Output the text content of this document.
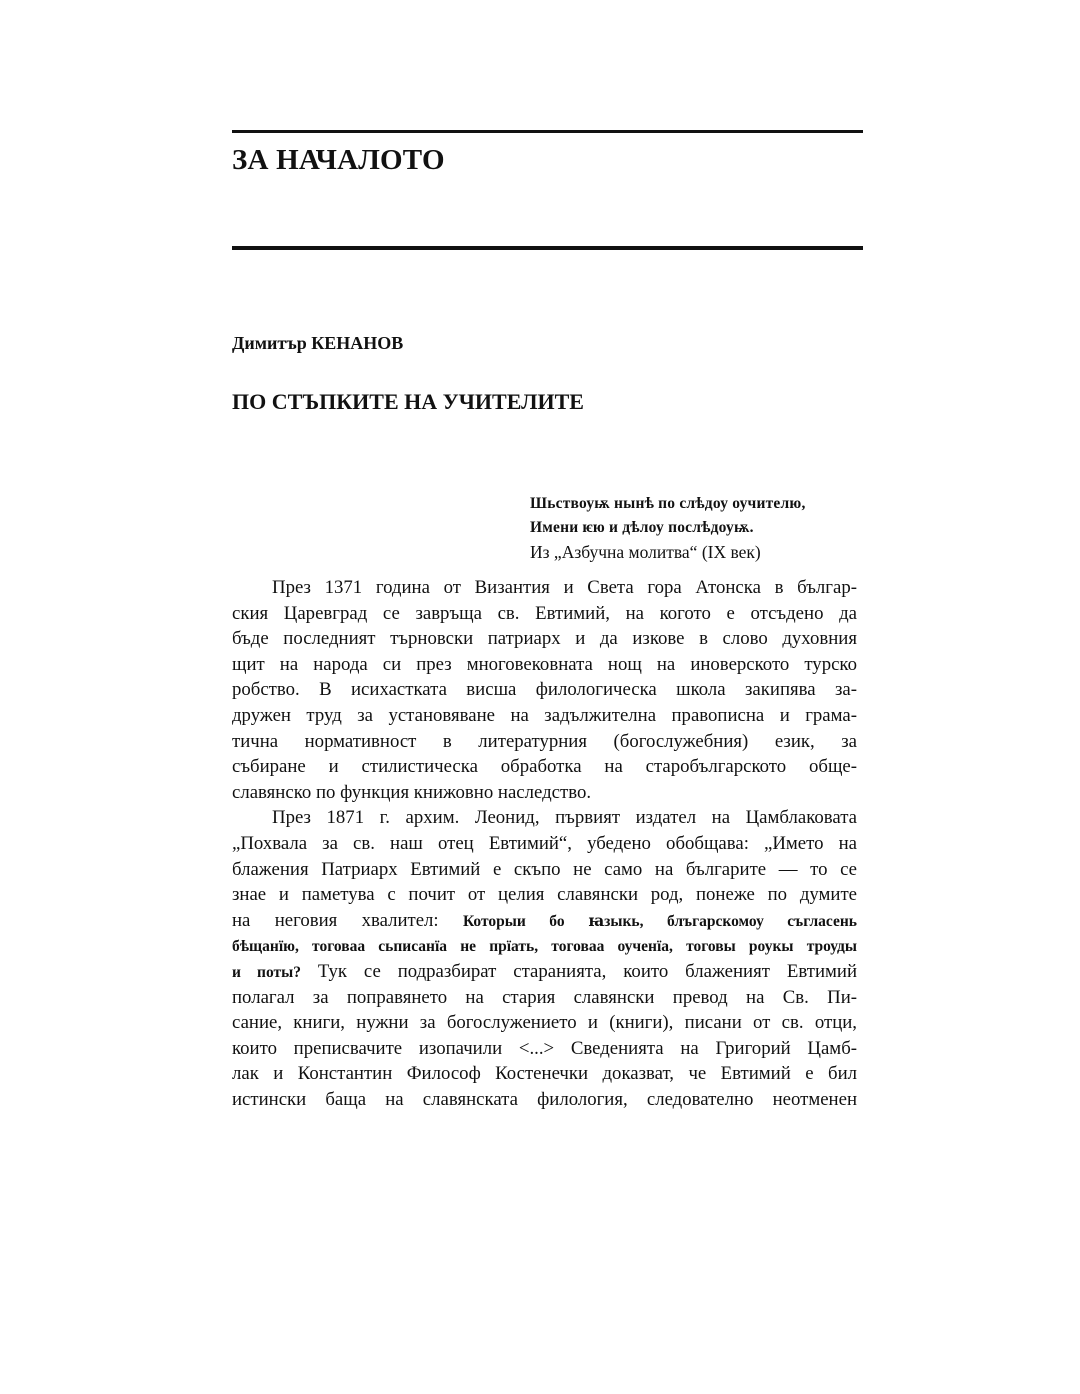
ЗА НАЧАЛОТО

Димитър КЕНАНОВ

ПО СТЪПКИТЕ НА УЧИТЕЛИТЕ
Шьствоуѭ нынѣ по слѣдоу оучителю,
Имени ѥю и дѣлоу послѣдоуѭ.
Из „Азбучна молитва“ (IX век)
През 1371 година от Византия и Света гора Атонска в българ-
ския Царевград се завръща св. Евтимий, на когото е отсъдено да
бъде последният търновски патриарх и да изкове в слово духовния
щит на народа си през многовековната нощ на иноверското турско
робство. В исихастката висша филологическа школа закипява за-
дружен труд за установяване на задължителна правописна и грама-
тична нормативност в литературния (богослужебния) език, за
събиране и стилистическа обработка на старобългарското обще-
славянско по функция книжовно наследство.
През 1871 г. архим. Леонид, първият издател на Цамблаковата
„Похвала за св. наш отец Евтимий“, убедено обобщава: „Името на
блажения Патриарх Евтимий е скъпо не само на българите — то се
знае и паметува с почит от целия славянски род, понеже по думите
на неговия хвалител: Которыи бо ꙗзыкь, блъгарскомоу съгласень
бѣщанїю, тоговаа сьписанїа не прїать, тоговаа оученїа, тоговы роукы троуды
и поты? Тук се подразбират старанията, които блаженият Евтимий
полагал за поправянето на стария славянски превод на Св. Пи-
сание, книги, нужни за богослужението и (книги), писани от св. отци,
които преписвачите изопачили <...> Сведенията на Григорий Цамб-
лак и Константин Философ Костенечки доказват, че Евтимий е бил
истински баща на славянската филология, следователно неотменен
